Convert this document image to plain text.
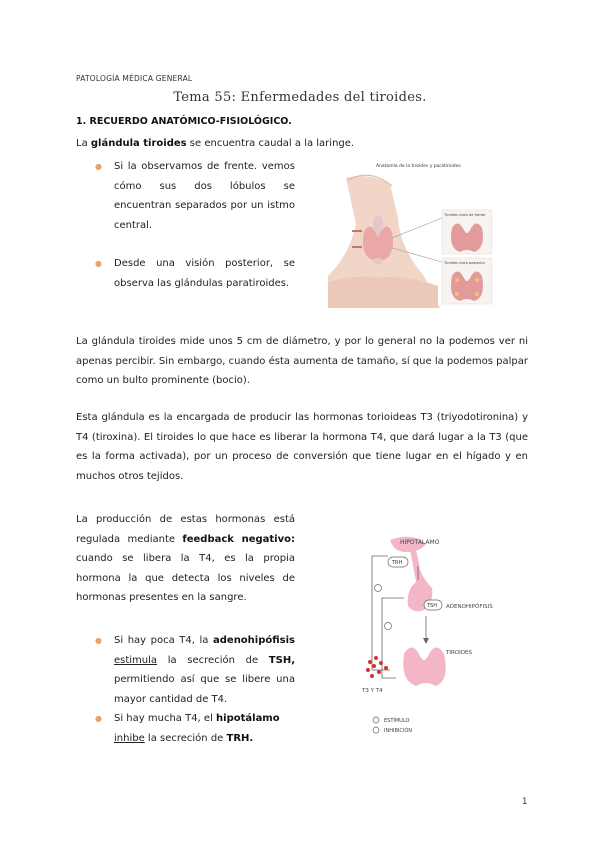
PATOLOGÍA MÉDICA GENERAL
Tema 55: Enfermedades del tiroides.
1. RECUERDO ANATÓMICO-FISIOLÓGICO.

La glándula tiroides se encuentra caudal a la laringe.

● Si la observamos de frente. vemos cómo sus dos lóbulos se encuentran separados por un istmo central.
● Desde una visión posterior, se observa las glándulas paratiroides.
Anatomía de la tiroides y paratiroides
Tiroides vista de frente
Tiroides vista posterior

La glándula tiroides mide unos 5 cm de diámetro, y por lo general no la podemos ver ni apenas percibir. Sin embargo, cuando ésta aumenta de tamaño, sí que la podemos palpar como un bulto prominente (bocio).

Esta glándula es la encargada de producir las hormonas torioideas T3 (triyodotironina) y T4 (tiroxina). El tiroides lo que hace es liberar la hormona T4, que dará lugar a la T3 (que es la forma activada), por un proceso de conversión que tiene lugar en el hígado y en muchos otros tejidos.

La producción de estas hormonas está regulada mediante feedback negativo: cuando se libera la T4, es la propia hormona la que detecta los niveles de hormonas presentes en la sangre.

● Si hay poca T4, la adenohipófisis estimula la secreción de TSH, permitiendo así que se libere una mayor cantidad de T4.
● Si hay mucha T4, el hipotálamo inhibe la secreción de TRH.
HIPOTÁLAMO
TRH
TSH ADENOHIPÓFISIS
TIROIDES
T3 Y T4
ESTÍMULO
INHIBICIÓN
1
